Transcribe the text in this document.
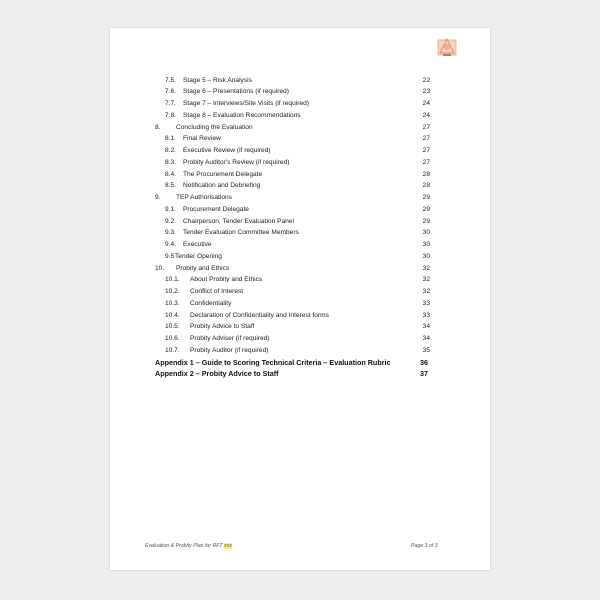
7.5. Stage 5 – Risk Analysis	22
7.6. Stage 6 – Presentations (if required)	23
7.7. Stage 7 – Interviews/Site Visits (if required)	24
7.8. Stage 8 – Evaluation Recommendations	24
8. Concluding the Evaluation	27
8.1. Final Review	27
8.2. Executive Review (if required)	27
8.3. Probity Auditor's Review (if required)	27
8.4. The Procurement Delegate	28
8.5. Notification and Debriefing	28
9. TEP Authorisations	29
9.1. Procurement Delegate	29
9.2. Chairperson, Tender Evaluation Panel	29
9.3. Tender Evaluation Committee Members	30
9.4. Executive	30
9.5 Tender Opening	30
10. Probity and Ethics	32
10.1. About Probity and Ethics	32
10.2. Conflict of Interest	32
10.3. Confidentiality	33
10.4. Declaration of Confidentiality and Interest forms	33
10.5. Probity Advice to Staff	34
10.6. Probity Adviser (if required)	34
10.7. Probity Auditor (if required)	35
Appendix 1 – Guide to Scoring Technical Criteria – Evaluation Rubric	36
Appendix 2 – Probity Advice to Staff	37
Evaluation & Probity Plan for RFT xxx	Page 3 of 3
